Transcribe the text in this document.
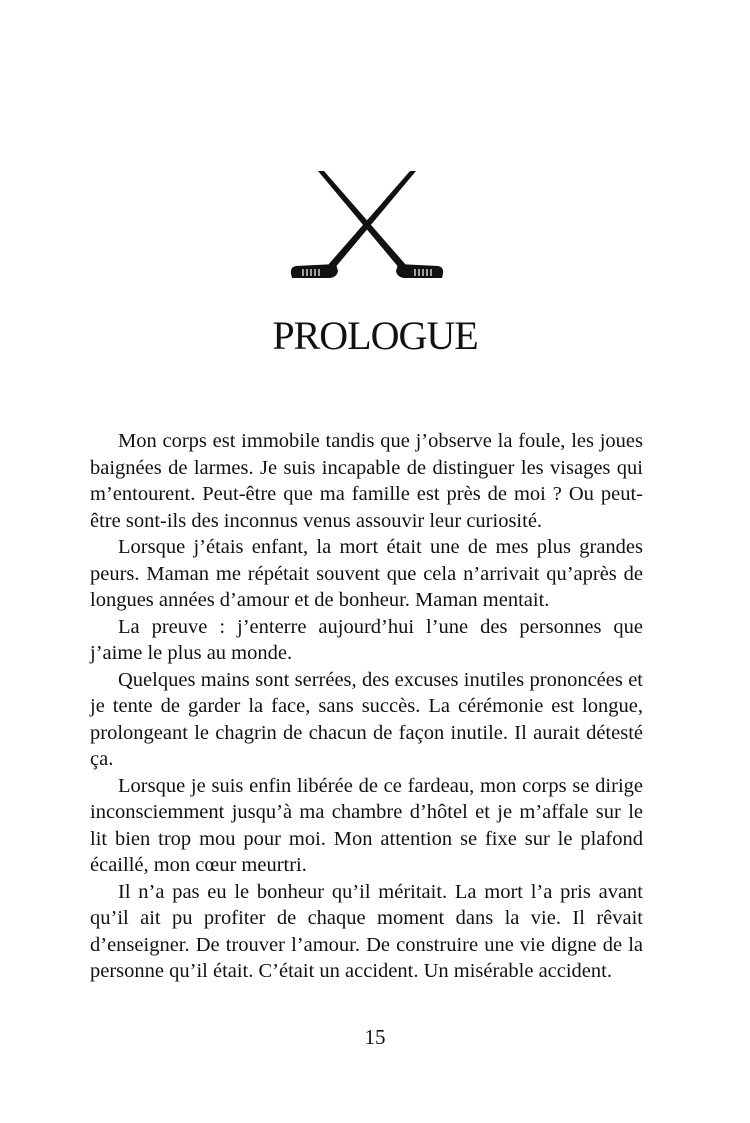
PROLOGUE

Mon corps est immobile tandis que j’observe la foule, les joues baignées de larmes. Je suis incapable de distinguer les visages qui m’entourent. Peut-être que ma famille est près de moi ? Ou peut-être sont-ils des inconnus venus assouvir leur curiosité.

Lorsque j’étais enfant, la mort était une de mes plus grandes peurs. Maman me répétait souvent que cela n’arrivait qu’après de longues années d’amour et de bonheur. Maman mentait.

La preuve : j’enterre aujourd’hui l’une des personnes que j’aime le plus au monde.

Quelques mains sont serrées, des excuses inutiles prononcées et je tente de garder la face, sans succès. La cérémonie est longue, prolongeant le chagrin de chacun de façon inutile. Il aurait détesté ça.

Lorsque je suis enfin libérée de ce fardeau, mon corps se dirige inconsciemment jusqu’à ma chambre d’hôtel et je m’affale sur le lit bien trop mou pour moi. Mon attention se fixe sur le plafond écaillé, mon cœur meurtri.

Il n’a pas eu le bonheur qu’il méritait. La mort l’a pris avant qu’il ait pu profiter de chaque moment dans la vie. Il rêvait d’enseigner. De trouver l’amour. De construire une vie digne de la personne qu’il était. C’était un accident. Un misérable accident.

15
